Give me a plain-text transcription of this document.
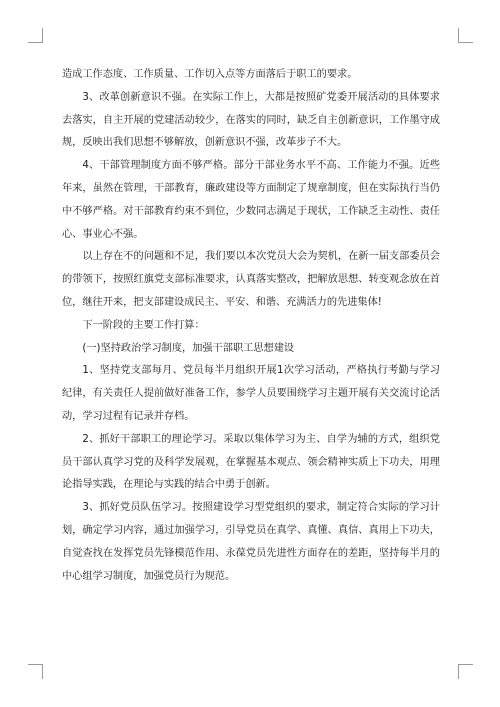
造成工作态度、工作质量、工作切入点等方面落后于职工的要求。

3、改革创新意识不强。在实际工作上，大都是按照矿党委开展活动的具体要求去落实，自主开展的党建活动较少，在落实的同时，缺乏自主创新意识，工作墨守成规，反映出我们思想不够解放，创新意识不强，改革步子不大。

4、干部管理制度方面不够严格。部分干部业务水平不高、工作能力不强。近些年来，虽然在管理，干部教育，廉政建设等方面制定了规章制度，但在实际执行当仍中不够严格。对干部教育约束不到位，少数同志满足于现状，工作缺乏主动性、责任心、事业心不强。

以上存在不的问题和不足，我们要以本次党员大会为契机，在新一届支部委员会的带领下，按照红旗党支部标准要求，认真落实整改，把解放思想、转变观念放在首位，继往开来，把支部建设成民主、平安、和谐、充满活力的先进集体!

下一阶段的主要工作打算：

(一)坚持政治学习制度，加强干部职工思想建设

1、坚持党支部每月、党员每半月组织开展1次学习活动，严格执行考勤与学习纪律，有关责任人提前做好准备工作，参学人员要围绕学习主题开展有关交流讨论活动，学习过程有记录并存档。

2、抓好干部职工的理论学习。采取以集体学习为主、自学为辅的方式，组织党员干部认真学习党的及科学发展观，在掌握基本观点、领会精神实质上下功夫，用理论指导实践，在理论与实践的结合中勇于创新。

3、抓好党员队伍学习。按照建设学习型党组织的要求，制定符合实际的学习计划，确定学习内容，通过加强学习，引导党员在真学、真懂、真信、真用上下功夫，自觉查找在发挥党员先锋模范作用、永葆党员先进性方面存在的差距，坚持每半月的中心组学习制度，加强党员行为规范。
